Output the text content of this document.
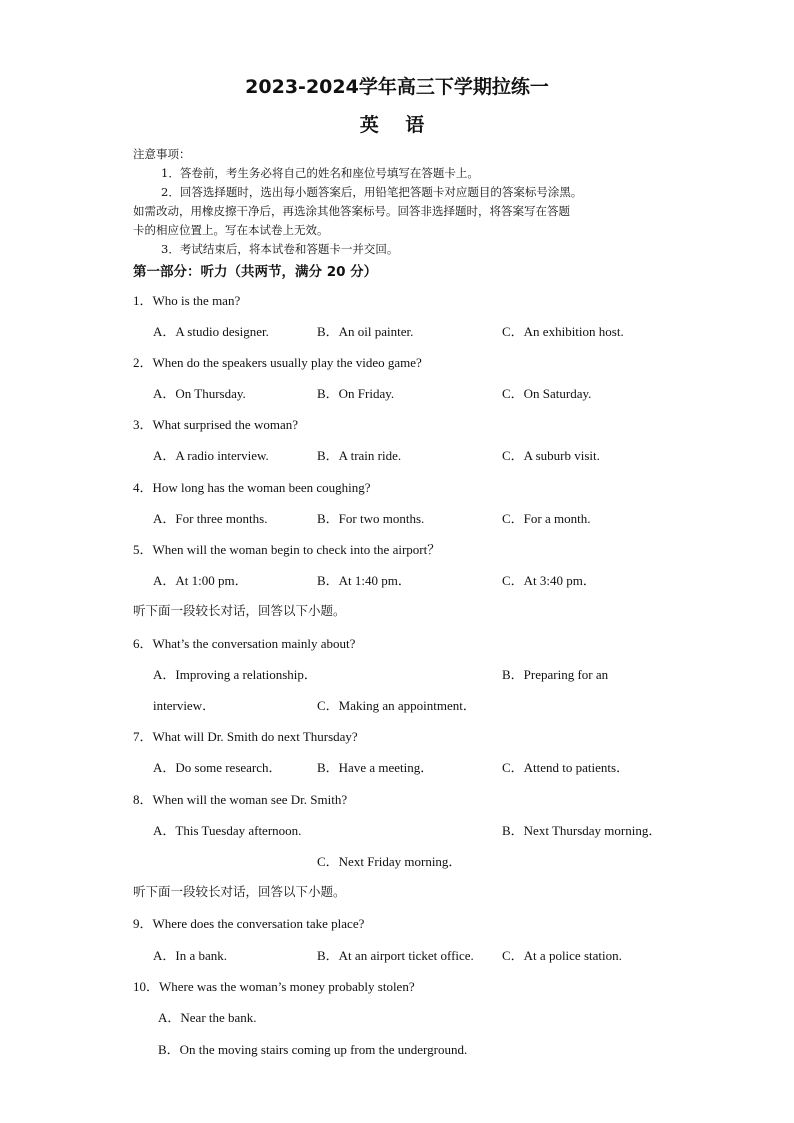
2023-2024学年高三下学期拉练一
英 语
注意事项：
1．答卷前，考生务必将自己的姓名和座位号填写在答题卡上。
2．回答选择题时，选出每小题答案后，用铅笔把答题卡对应题目的答案标号涂黑。
如需改动，用橡皮擦干净后，再选涂其他答案标号。回答非选择题时，将答案写在答题
卡的相应位置上。写在本试卷上无效。
3．考试结束后，将本试卷和答题卡一并交回。
第一部分：听力（共两节，满分 20 分）
1．Who is the man?
A．A studio designer.	B．An oil painter.	C．An exhibition host.
2．When do the speakers usually play the video game?
A．On Thursday.	B．On Friday.	C．On Saturday.
3．What surprised the woman?
A．A radio interview.	B．A train ride.	C．A suburb visit.
4．How long has the woman been coughing?
A．For three months.	B．For two months.	C．For a month.
5．When will the woman begin to check into the airport？
A．At 1:00 pm．	B．At 1:40 pm．	C．At 3:40 pm．
听下面一段较长对话，回答以下小题。
6．What’s the conversation mainly about?
A．Improving a relationship．	B．Preparing for an
interview．	C．Making an appointment．
7．What will Dr. Smith do next Thursday?
A．Do some research．	B．Have a meeting．	C．Attend to patients．
8．When will the woman see Dr. Smith?
A．This Tuesday afternoon.	B．Next Thursday morning．
C．Next Friday morning．
听下面一段较长对话，回答以下小题。
9．Where does the conversation take place?
A．In a bank.	B．At an airport ticket office. C．At a police station.
10．Where was the woman’s money probably stolen?
A．Near the bank.
B．On the moving stairs coming up from the underground.
